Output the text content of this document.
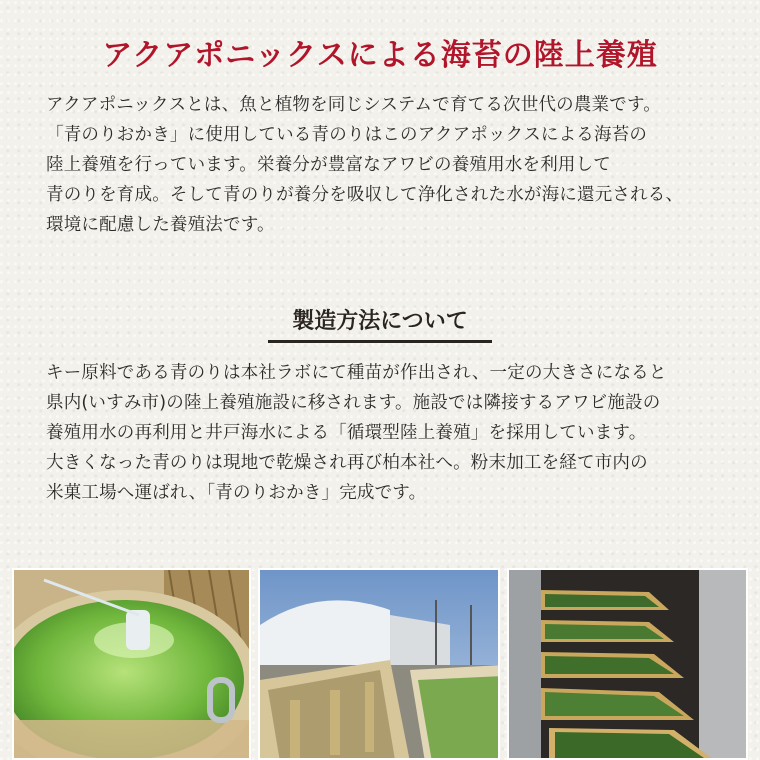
アクアポニックスによる海苔の陸上養殖
アクアポニックスとは、魚と植物を同じシステムで育てる次世代の農業です。
「青のりおかき」に使用している青のりはこのアクアポックスによる海苔の
陸上養殖を行っています。栄養分が豊富なアワビの養殖用水を利用して
青のりを育成。そして青のりが養分を吸収して浄化された水が海に還元される、
環境に配慮した養殖法です。
製造方法について
キー原料である青のりは本社ラボにて種苗が作出され、一定の大きさになると
県内(いすみ市)の陸上養殖施設に移されます。施設では隣接するアワビ施設の
養殖用水の再利用と井戸海水による「循環型陸上養殖」を採用しています。
大きくなった青のりは現地で乾燥され再び柏本社へ。粉末加工を経て市内の
米菓工場へ運ばれ、「青のりおかき」完成です。
